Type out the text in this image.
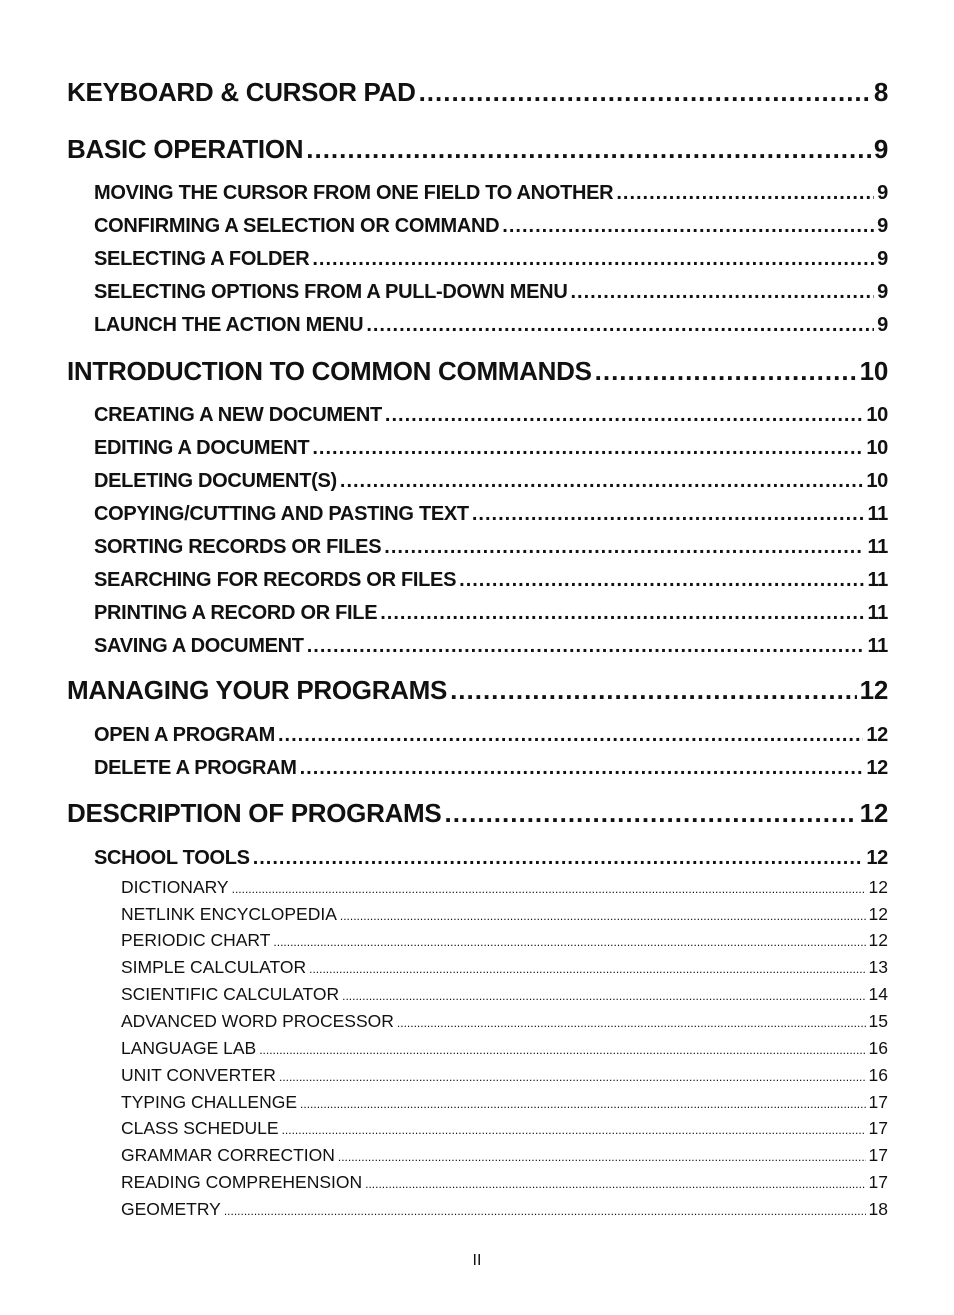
KEYBOARD & CURSOR PAD .....	8
BASIC OPERATION .....	9
MOVING THE CURSOR FROM ONE FIELD TO ANOTHER .....	9
CONFIRMING A SELECTION OR COMMAND .....	9
SELECTING A FOLDER .....	9
SELECTING OPTIONS FROM A PULL-DOWN MENU .....	9
LAUNCH THE ACTION MENU .....	9
INTRODUCTION TO COMMON COMMANDS .....	10
CREATING A NEW DOCUMENT .....	10
EDITING A DOCUMENT .....	10
DELETING DOCUMENT(S) .....	10
COPYING/CUTTING AND PASTING TEXT .....	11
SORTING RECORDS OR FILES .....	11
SEARCHING FOR RECORDS OR FILES .....	11
PRINTING A RECORD OR FILE .....	11
SAVING A DOCUMENT .....	11
MANAGING YOUR PROGRAMS .....	12
OPEN A PROGRAM .....	12
DELETE A PROGRAM .....	12
DESCRIPTION OF PROGRAMS .....	12
SCHOOL TOOLS .....	12
DICTIONARY .....	12
NETLINK ENCYCLOPEDIA .....	12
PERIODIC CHART .....	12
SIMPLE CALCULATOR .....	13
SCIENTIFIC CALCULATOR .....	14
ADVANCED WORD PROCESSOR .....	15
LANGUAGE LAB .....	16
UNIT CONVERTER .....	16
TYPING CHALLENGE .....	17
CLASS SCHEDULE .....	17
GRAMMAR CORRECTION .....	17
READING COMPREHENSION .....	17
GEOMETRY .....	18
II
